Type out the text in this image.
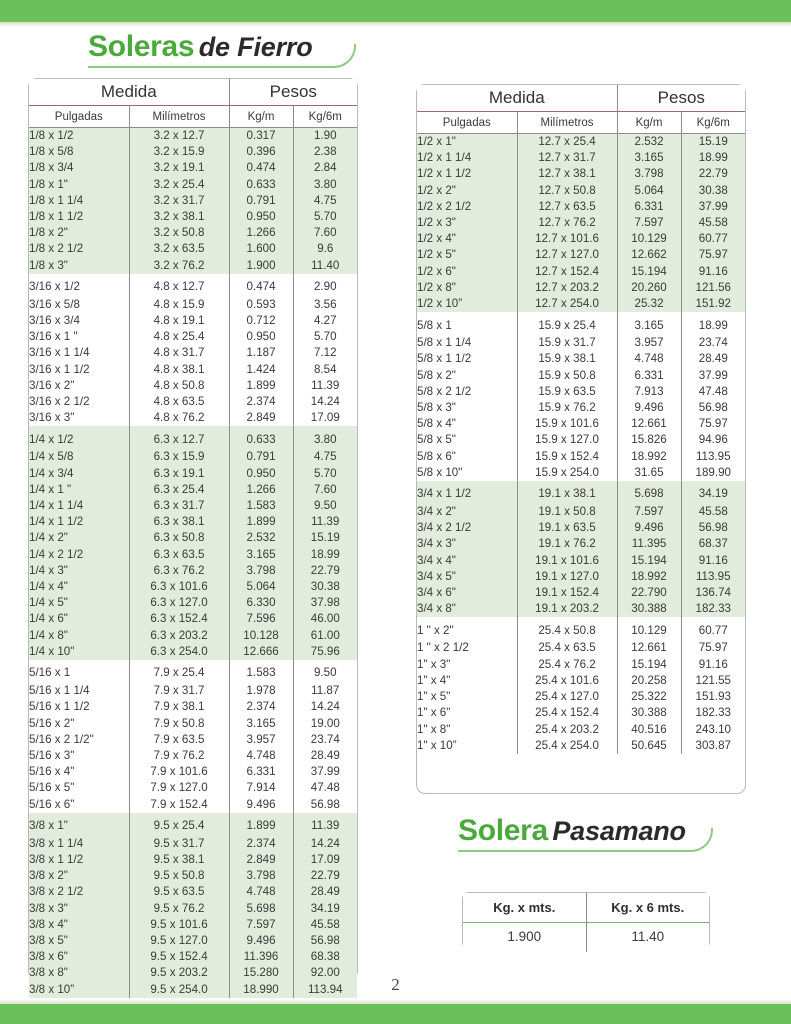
Soleras de Fierro
Medida		Pesos	
Pulgadas	Milímetros	Kg/m	Kg/6m
1/8 x 1/2	3.2 x 12.7	0.317	1.90
1/8 x 5/8	3.2 x 15.9	0.396	2.38
1/8 x 3/4	3.2 x 19.1	0.474	2.84
1/8 x 1"	3.2 x 25.4	0.633	3.80
1/8 x 1 1/4	3.2 x 31.7	0.791	4.75
1/8 x 1 1/2	3.2 x 38.1	0.950	5.70
1/8 x 2"	3.2 x 50.8	1.266	7.60
1/8 x 2 1/2	3.2 x 63.5	1.600	9.6
1/8 x 3"	3.2 x 76.2	1.900	11.40
3/16 x 1/2	4.8 x 12.7	0.474	2.90
3/16 x 5/8	4.8 x 15.9	0.593	3.56
3/16 x 3/4	4.8 x 19.1	0.712	4.27
3/16 x 1 "	4.8 x 25.4	0.950	5.70
3/16 x 1 1/4	4.8 x 31.7	1.187	7.12
3/16 x 1 1/2	4.8 x 38.1	1.424	8.54
3/16 x 2"	4.8 x 50.8	1.899	11.39
3/16 x 2 1/2	4.8 x 63.5	2.374	14.24
3/16 x 3"	4.8 x 76.2	2.849	17.09
1/4 x 1/2	6.3 x 12.7	0.633	3.80
1/4 x 5/8	6.3 x 15.9	0.791	4.75
1/4 x 3/4	6.3 x 19.1	0.950	5.70
1/4 x 1 "	6.3 x 25.4	1.266	7.60
1/4 x 1 1/4	6.3 x 31.7	1.583	9.50
1/4 x 1 1/2	6.3 x 38.1	1.899	11.39
1/4 x 2"	6.3 x 50.8	2.532	15.19
1/4 x 2 1/2	6.3 x 63.5	3.165	18.99
1/4 x 3"	6.3 x 76.2	3.798	22.79
1/4 x 4"	6.3 x 101.6	5.064	30.38
1/4 x 5"	6.3 x 127.0	6.330	37.98
1/4 x 6"	6.3 x 152.4	7.596	46.00
1/4 x 8"	6.3 x 203.2	10.128	61.00
1/4 x 10"	6.3 x 254.0	12.666	75.96
5/16 x 1	7.9 x 25.4	1.583	9.50
5/16 x 1 1/4	7.9 x 31.7	1.978	11.87
5/16 x 1 1/2	7.9 x 38.1	2.374	14.24
5/16 x 2"	7.9 x 50.8	3.165	19.00
5/16 x 2 1/2"	7.9 x 63.5	3.957	23.74
5/16 x 3"	7.9 x 76.2	4.748	28.49
5/16 x 4"	7.9 x 101.6	6.331	37.99
5/16 x 5"	7.9 x 127.0	7.914	47.48
5/16 x 6"	7.9 x 152.4	9.496	56.98
3/8 x 1"	9.5 x 25.4	1.899	11.39
3/8 x 1 1/4	9.5 x 31.7	2.374	14.24
3/8 x 1 1/2	9.5 x 38.1	2.849	17.09
3/8 x 2"	9.5 x 50.8	3.798	22.79
3/8 x 2 1/2	9.5 x 63.5	4.748	28.49
3/8 x 3"	9.5 x 76.2	5.698	34.19
3/8 x 4"	9.5 x 101.6	7.597	45.58
3/8 x 5"	9.5 x 127.0	9.496	56.98
3/8 x 6"	9.5 x 152.4	11.396	68.38
3/8 x 8"	9.5 x 203.2	15.280	92.00
3/8 x 10”	9.5 x 254.0	18.990	113.94
Medida		Pesos	
Pulgadas	Milímetros	Kg/m	Kg/6m
1/2 x 1"	12.7 x 25.4	2.532	15.19
1/2 x 1 1/4	12.7 x 31.7	3.165	18.99
1/2 x 1 1/2	12.7 x 38.1	3.798	22.79
1/2 x 2"	12.7 x 50.8	5.064	30.38
1/2 x 2 1/2	12.7 x 63.5	6.331	37.99
1/2 x 3"	12.7 x 76.2	7.597	45.58
1/2 x 4"	12.7 x 101.6	10.129	60.77
1/2 x 5"	12.7 x 127.0	12.662	75.97
1/2 x 6"	12.7 x 152.4	15.194	91.16
1/2 x 8"	12.7 x 203.2	20.260	121.56
1/2 x 10”	12.7 x 254.0	25.32	151.92
5/8 x 1	15.9 x 25.4	3.165	18.99
5/8 x 1 1/4	15.9 x 31.7	3.957	23.74
5/8 x 1 1/2	15.9 x 38.1	4.748	28.49
5/8 x 2"	15.9 x 50.8	6.331	37.99
5/8 x 2 1/2	15.9 x 63.5	7.913	47.48
5/8 x 3"	15.9 x 76.2	9.496	56.98
5/8 x 4"	15.9 x 101.6	12.661	75.97
5/8 x 5"	15.9 x 127.0	15.826	94.96
5/8 x 6"	15.9 x 152.4	18.992	113.95
5/8 x 10"	15.9 x 254.0	31.65	189.90
3/4 x 1 1/2	19.1 x 38.1	5.698	34.19
3/4 x 2"	19.1 x 50.8	7.597	45.58
3/4 x 2 1/2	19.1 x 63.5	9.496	56.98
3/4 x 3"	19.1 x 76.2	11.395	68.37
3/4 x 4"	19.1 x 101.6	15.194	91.16
3/4 x 5"	19.1 x 127.0	18.992	113.95
3/4 x 6"	19.1 x 152.4	22.790	136.74
3/4 x 8"	19.1 x 203.2	30.388	182.33
1 " x 2"	25.4 x 50.8	10.129	60.77
1 " x 2 1/2	25.4 x 63.5	12.661	75.97
1" x 3"	25.4 x 76.2	15.194	91.16
1" x 4"	25.4 x 101.6	20.258	121.55
1" x 5"	25.4 x 127.0	25.322	151.93
1" x 6"	25.4 x 152.4	30.388	182.33
1" x 8"	25.4 x 203.2	40.516	243.10
1" x 10”	25.4 x 254.0	50.645	303.87
Solera Pasamano
Kg. x mts.	Kg. x 6 mts.
1.900	11.40
2
